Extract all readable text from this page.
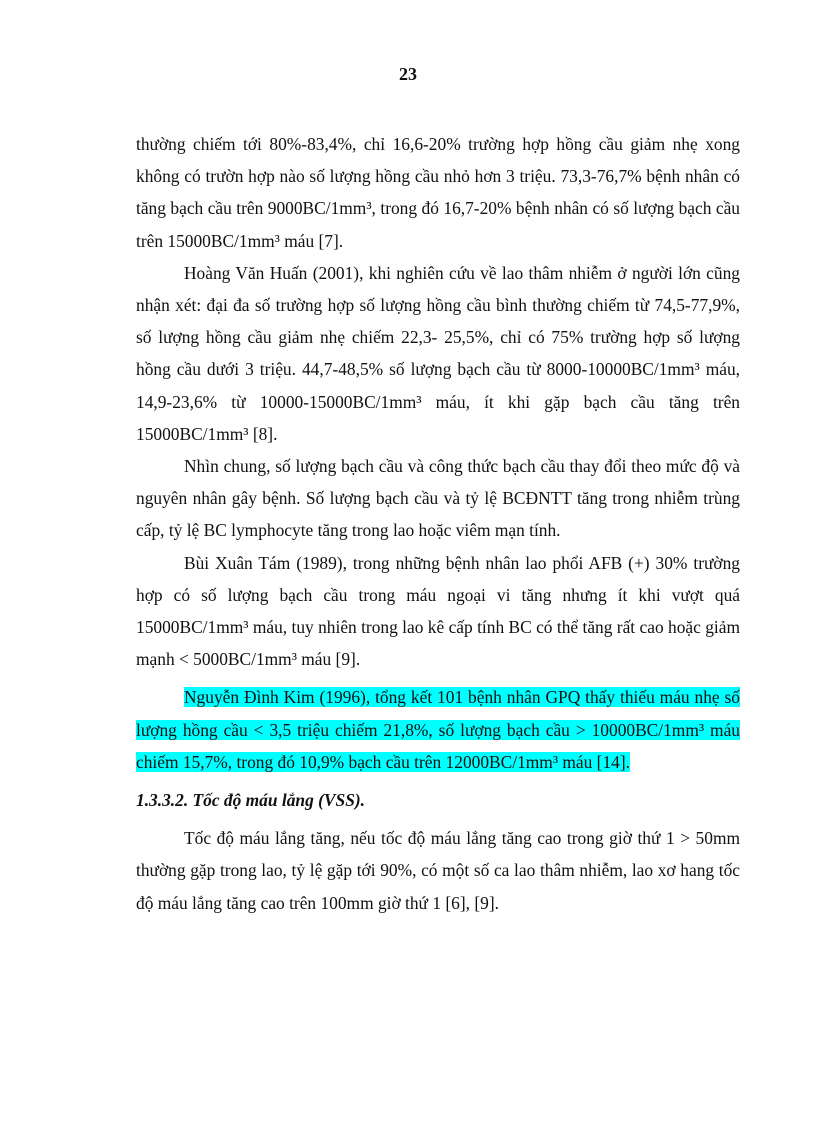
23

thường chiếm tới 80%-83,4%, chỉ 16,6-20% trường hợp hồng cầu giảm nhẹ xong không có trườn hợp nào số lượng hồng cầu nhỏ hơn 3 triệu. 73,3-76,7% bệnh nhân có tăng bạch cầu trên 9000BC/1mm³, trong đó 16,7-20% bệnh nhân có số lượng bạch cầu trên 15000BC/1mm³ máu [7].

Hoàng Văn Huấn (2001), khi nghiên cứu về lao thâm nhiễm ở người lớn cũng nhận xét: đại đa số trường hợp số lượng hồng cầu bình thường chiếm từ 74,5-77,9%, số lượng hồng cầu giảm nhẹ chiếm 22,3- 25,5%, chỉ có 75% trường hợp số lượng hồng cầu dưới 3 triệu. 44,7-48,5% số lượng bạch cầu từ 8000-10000BC/1mm³ máu, 14,9-23,6% từ 10000-15000BC/1mm³ máu, ít khi gặp bạch cầu tăng trên 15000BC/1mm³ [8].

Nhìn chung, số lượng bạch cầu và công thức bạch cầu thay đổi theo mức độ và nguyên nhân gây bệnh. Số lượng bạch cầu và tỷ lệ BCĐNTT tăng trong nhiễm trùng cấp, tỷ lệ BC lymphocyte tăng trong lao hoặc viêm mạn tính.

Bùi Xuân Tám (1989), trong những bệnh nhân lao phổi AFB (+) 30% trường hợp có số lượng bạch cầu trong máu ngoại vi tăng nhưng ít khi vượt quá 15000BC/1mm³ máu, tuy nhiên trong lao kê cấp tính BC có thể tăng rất cao hoặc giảm mạnh < 5000BC/1mm³ máu [9].

Nguyễn Đình Kim (1996), tổng kết 101 bệnh nhân GPQ thấy thiếu máu nhẹ số lượng hồng cầu < 3,5 triệu chiếm 21,8%, số lượng bạch cầu > 10000BC/1mm³ máu chiếm 15,7%, trong đó 10,9% bạch cầu trên 12000BC/1mm³ máu [14].

1.3.3.2. Tốc độ máu lắng (VSS).

Tốc độ máu lắng tăng, nếu tốc độ máu lắng tăng cao trong giờ thứ 1 > 50mm thường gặp trong lao, tỷ lệ gặp tới 90%, có một số ca lao thâm nhiễm, lao xơ hang tốc độ máu lắng tăng cao trên 100mm giờ thứ 1 [6], [9].
